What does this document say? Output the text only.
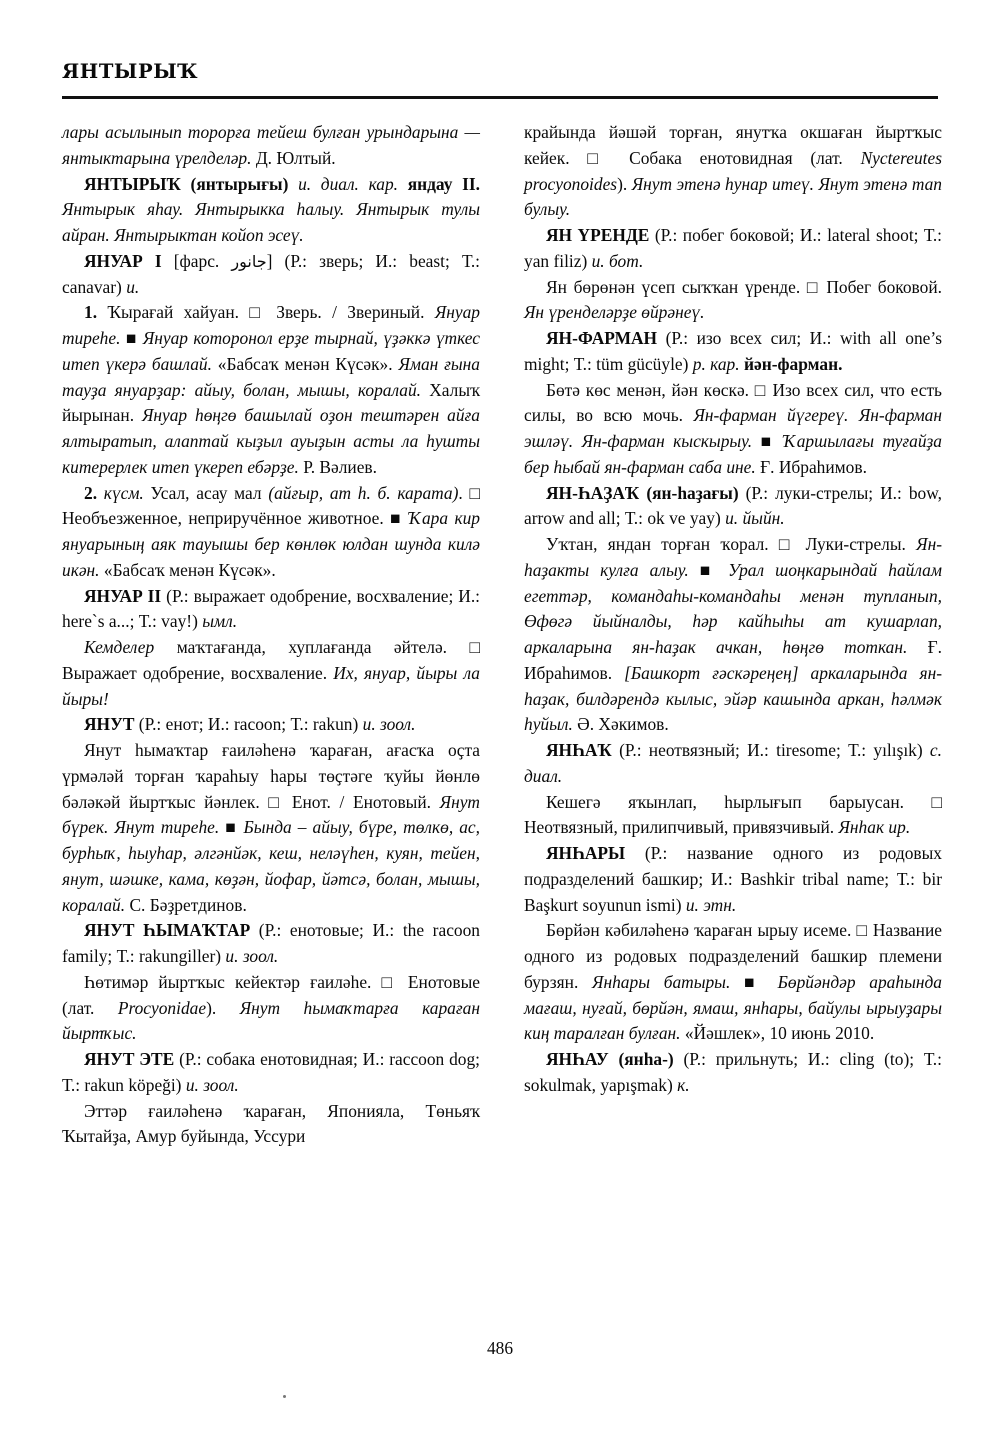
ЯНТЫРЫҠ

лары асылынып торорға тейеш булған урындарына — янтыктарына үрелделәр. Д. Юлтый.

ЯНТЫРЫҠ (янтырығы) и. диал. кар. яндау II. Янтырык яһау. Янтырыкка һалыу. Янтырык тулы айран. Янтырыктан койоп эсеү.

ЯНУАР I [фарс. جانور] (Р.: зверь; И.: beast; Т.: canavar) и.

1. Ҡырағай хайуан. □ Зверь. / Звериный. Януар тиреһе. ■ Януар которонол ерҙе тырнай, үҙәккә үткес итеп үкерә башлай. «Бабсаҡ менән Күсәк». Яман ғына тауҙа януарҙар: айыу, болан, мышы, коралай. Халыҡ йырынан. Януар һөңгө башылай оҙон тештәрен айға ялтыратып, алаптай кыҙыл ауыҙын асты ла һушты китерерлек итеп үкереп ебәрҙе. Р. Вәлиев.

2. күсм. Усал, асау мал (айғыр, ат һ. б. карата). □ Необъезженное, неприручённое животное. ■ Ҡара кир януарының аяк тауышы бер көнлөк юлдан шунда килә икән. «Бабсаҡ менән Күсәк».

ЯНУАР II (Р.: выражает одобрение, восхваление; И.: here`s a...; Т.: vay!) ымл.

Кемделер маҡтағанда, хуплағанда әйтелә. □ Выражает одобрение, восхваление. Их, януар, йыры ла йыры!

ЯНУТ (Р.: енот; И.: racoon; Т.: rakun) и. зоол.

Янут һымаҡтар ғаиләһенә ҡараған, ағасҡа оҫта үрмәләй торған ҡараһыу һары төҫтәге ҡуйы йөнлө бәләкәй йыртҡыс йәнлек. □ Енот. / Енотовый. Янут бүрек. Янут тиреһе. ■ Бында – айыу, бүре, төлкө, ас, бурһыҡ, һыуһар, әлгәнйәк, кеш, неләүһен, куян, тейен, янут, шәшке, кама, көҙән, йофар, йәтсә, болан, мышы, коралай. С. Бәҙретдинов.

ЯНУТ ҺЫМАҠТАР (Р.: енотовые; И.: the racoon family; Т.: rakungiller) и. зоол.

Һөтимәр йыртҡыс кейектәр ғаиләһе. □ Енотовые (лат. Procyonidae). Янут һымаҡтарға караған йыртҡыс.

ЯНУТ ЭТЕ (Р.: собака енотовидная; И.: raccoon dog; Т.: rakun köpeği) и. зоол.

Эттәр ғаиләһенә ҡараған, Японияла, Төньяҡ Ҡытайҙа, Амур буйында, Уссури

крайында йәшәй торған, янутҡа окшаған йыртҡыс кейек. □ Собака енотовидная (лат. Nyctereutes procyonoides). Янут этенә һунар итеү. Янут этенә тап булыу.

ЯН ҮРЕНДЕ (Р.: побег боковой; И.: lateral shoot; Т.: yan filiz) и. бот.

Ян бөрөнән үсеп сыҡҡан үренде. □ Побег боковой. Ян үренделәрҙе өйрәнеү.

ЯН-ФАРМАН (Р.: изо всех сил; И.: with all one’s might; Т.: tüm gücüyle) р. кар. йән-фарман.

Бөтә көс менән, йән көскә. □ Изо всех сил, что есть силы, во всю мочь. Ян-фарман йүгереү. Ян-фарман эшләү. Ян-фарман кыскырыу. ■ Ҡаршылағы туғайҙа бер һыбай ян-фарман саба ине. Ғ. Ибраһимов.

ЯН-ҺАҘАҠ (ян-һаҙағы) (Р.: луки-стрелы; И.: bow, arrow and all; Т.: ok ve yay) и. йыйн.

Уҡтан, яндан торған ҡорал. □ Луки-стрелы. Ян-һаҙакты кулға алыу. ■ Урал шоңкарындай һайлам егеттәр, командаһы-командаһы менән тупланып, Өфөгә йыйналды, һәр кайһыһы ат кушарлап, аркаларына ян-һаҙак ачкан, һөңгө тоткан. Ғ. Ибраһимов. [Башкорт ғәскәреңең] аркаларында ян-һаҙак, билдәрендә кылыс, эйәр кашында аркан, һәлмәк һуйыл. Ә. Хәкимов.

ЯНҺАҠ (Р.: неотвязный; И.: tiresome; Т.: yılışık) с. диал.

Кешегә яҡынлап, һырлығып барыусан. □ Неотвязный, прилипчивый, привязчивый. Янһак ир.

ЯНҺАРЫ (Р.: название одного из родовых подразделений башкир; И.: Bashkir tribal name; Т.: bir Başkurt soyunun ismi) и. этн.

Бөрйән кәбиләһенә ҡараған ырыу исеме. □ Название одного из родовых подразделений башкир племени бурзян. Янһары батыры. ■	Бөрйәндәр араһында мағаш, нуғай, бөрйән, ямаш, янһары, байулы ырыуҙары киң таралған булған. «Йәшлек», 10 июнь 2010.

ЯНҺАУ (янһа-) (Р.: прильнуть; И.: cling (to); Т.: sokulmak, yapışmak) к.

486
